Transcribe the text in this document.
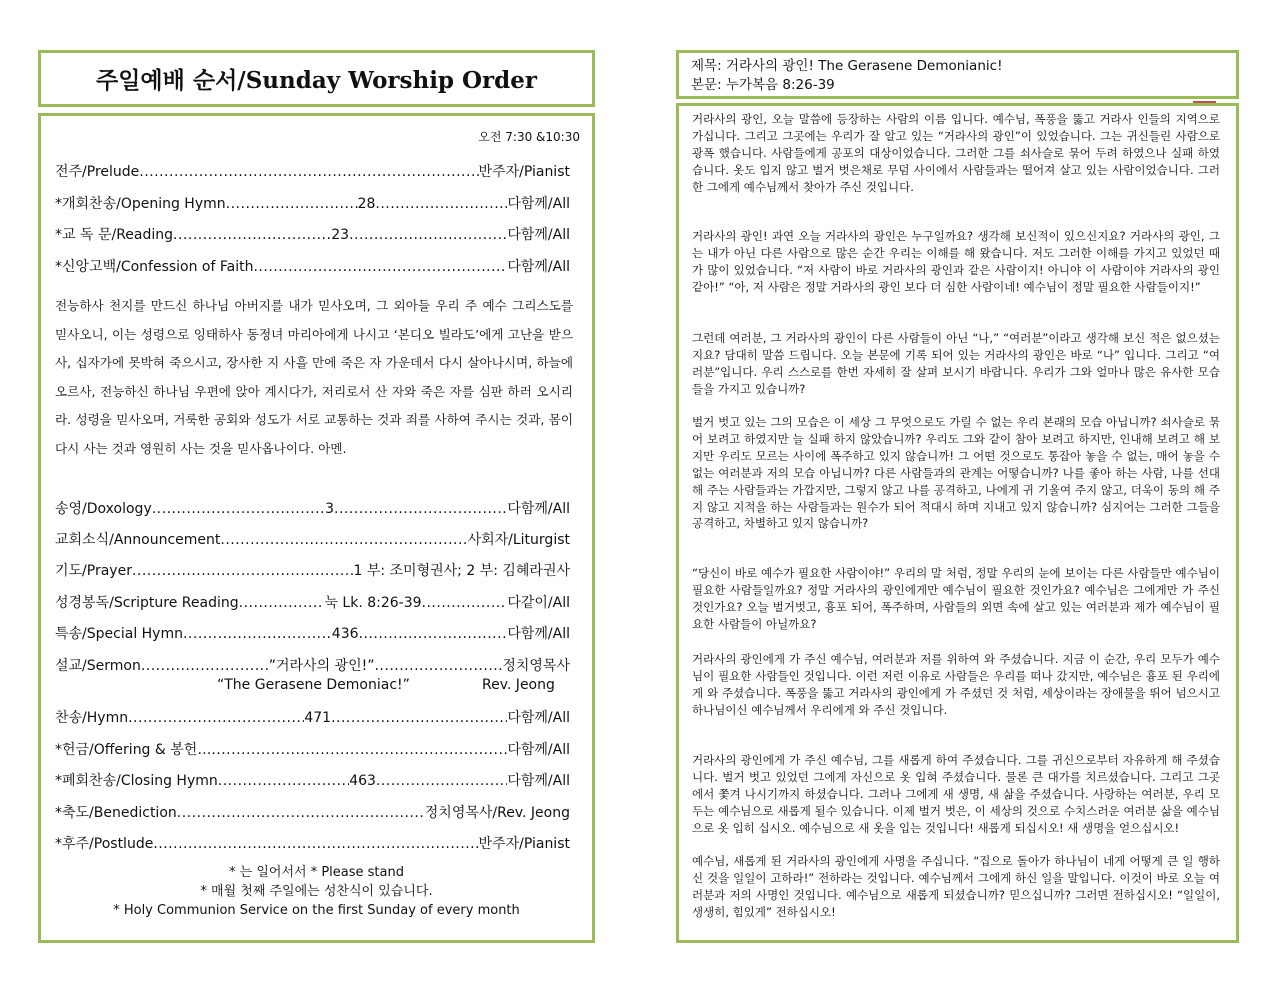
주일예배 순서/Sunday Worship Order
오전 7:30 &10:30
전주/Prelude .....	반주자/Pianist
*개회찬송/Opening Hymn .....	28 .....	다함께/All
*교 독 문/Reading .....	23 .....	다함께/All
*신앙고백/Confession of Faith .....	다함께/All
전능하사 천지를 만드신 하나님 아버지를 내가 믿사오며, 그 외아들 우리 주 예수 그리스도를 믿사오니, 이는 성령으로 잉태하사 동정녀 마리아에게 나시고 ‘본디오 빌라도’에게 고난을 받으사, 십자가에 못박혀 죽으시고, 장사한 지 사흘 만에 죽은 자 가운데서 다시 살아나시며, 하늘에 오르사, 전능하신 하나님 우편에 앉아 계시다가, 저리로서 산 자와 죽은 자를 심판 하러 오시리라. 성령을 믿사오며, 거룩한 공회와 성도가 서로 교통하는 것과 죄를 사하여 주시는 것과, 몸이 다시 사는 것과 영원히 사는 것을 믿사옵나이다. 아멘.
송영/Doxology .....	3 .....	다함께/All
교회소식/Announcement .....	사회자/Liturgist
기도/Prayer .....	1 부: 조미형권사; 2 부: 김혜라권사
성경봉독/Scripture Reading .....	눅 Lk. 8:26-39 .....	다같이/All
특송/Special Hymn .....	436 .....	다함께/All
설교/Sermon .....	”거라사의 광인!” .....	정치영목사
“The Gerasene Demoniac!”	Rev. Jeong
찬송/Hymn .....	471 .....	다함께/All
*헌금/Offering & 봉헌… .....	다함께/All
*폐회찬송/Closing Hymn .....	463 .....	다함께/All
*축도/Benediction .....	정치영목사/Rev. Jeong
*후주/Postlude .....	반주자/Pianist
* 는 일어서서 * Please stand
* 매월 첫째 주일에는 성찬식이 있습니다.
* Holy Communion Service on the first Sunday of every month
제목: 거라사의 광인! The Gerasene Demonianic!
본문: 누가복음 8:26-39
거라사의 광인, 오늘 말씀에 등장하는 사람의 이름 입니다. 예수님, 폭풍을 뚫고 거라사 인들의 지역으로 가십니다. 그리고 그곳에는 우리가 잘 알고 있는 “거라사의 광인”이 있었습니다. 그는 귀신들린 사람으로 광폭 했습니다. 사람들에게 공포의 대상이었습니다. 그러한 그를 쇠사슬로 묶어 두려 하였으나 실패 하였습니다. 옷도 입지 않고 벌거 벗은채로 무덤 사이에서 사람들과는 떨어져 살고 있는 사람이었습니다. 그러한 그에게 예수님께서 찾아가 주신 것입니다.
거라사의 광인! 과연 오늘 거라사의 광인은 누구일까요? 생각해 보신적이 있으신지요? 거라사의 광인, 그는 내가 아닌 다른 사람으로 많은 순간 우리는 이해를 해 왔습니다. 저도 그러한 이해를 가지고 있었던 때가 많이 있었습니다. “저 사람이 바로 거라사의 광인과 같은 사람이지! 아니야 이 사람이야 거라사의 광인같아!” “아, 저 사람은 정말 거라사의 광인 보다 더 심한 사람이네! 예수님이 정말 필요한 사람들이지!”
그런데 여러분, 그 거라사의 광인이 다른 사람들이 아닌 “나,” “여러분”이라고 생각해 보신 적은 없으셨는지요? 담대히 말씀 드립니다. 오늘 본문에 기록 되어 있는 거라사의 광인은 바로 “나” 입니다. 그리고 “여러분”입니다. 우리 스스로를 한번 자세히 잘 살펴 보시기 바랍니다. 우리가 그와 얼마나 많은 유사한 모습들을 가지고 있습니까?
벌거 벗고 있는 그의 모습은 이 세상 그 무엇으로도 가릴 수 없는 우리 본래의 모습 아닙니까? 쇠사슬로 묶어 보려고 하였지만 늘 실패 하지 않았습니까? 우리도 그와 같이 참아 보려고 하지만, 인내해 보려고 해 보지만 우리도 모르는 사이에 폭주하고 있지 않습니까! 그 어떤 것으로도 통잡아 놓을 수 없는, 매어 놓을 수 없는 여러분과 저의 모습 아닙니까? 다른 사람들과의 관계는 어떻습니까? 나를 좋아 하는 사람, 나를 선대 해 주는 사람들과는 가깝지만, 그렇지 않고 나를 공격하고, 나에게 귀 기울여 주지 않고, 더욱이 동의 해 주지 않고 지적을 하는 사람들과는 원수가 되어 적대시 하며 지내고 있지 않습니까? 심지어는 그러한 그들을 공격하고, 차별하고 있지 않습니까?
“당신이 바로 예수가 필요한 사람이야!” 우리의 말 처럼, 정말 우리의 눈에 보이는 다른 사람들만 예수님이 필요한 사람들일까요? 정말 거라사의 광인에게만 예수님이 필요한 것인가요? 예수님은 그에게만 가 주신 것인가요? 오늘 벌거벗고, 흉포 되어, 폭주하며, 사람들의 외면 속에 살고 있는 여러분과 제가 예수님이 필요한 사람들이 아닐까요?
거라사의 광인에게 가 주신 예수님, 여러분과 저를 위하여 와 주셨습니다. 지금 이 순간, 우리 모두가 예수님이 필요한 사람들인 것입니다. 이런 저런 이유로 사람들은 우리를 떠나 갔지만, 예수님은 흉포 된 우리에게 와 주셨습니다. 폭풍을 뚫고 거라사의 광인에게 가 주셨던 것 처럼, 세상이라는 장애물을 뛰어 넘으시고 하나님이신 예수님께서 우리에게 와 주신 것입니다.
거라사의 광인에게 가 주신 예수님, 그를 새롭게 하여 주셨습니다. 그를 귀신으로부터 자유하게 해 주셨습니다. 벌거 벗고 있었던 그에게 자신으로 옷 입혀 주셨습니다. 물론 큰 대가를 치르셨습니다. 그리고 그곳에서 쫓겨 나시기까지 하셨습니다. 그러나 그에게 새 생명, 새 삶을 주셨습니다. 사랑하는 여러분, 우리 모두는 예수님으로 새롭게 될수 있습니다. 이제 벌거 벗은, 이 세상의 것으로 수치스러운 여러분 삶을 예수님으로 옷 입히 십시오. 예수님으로 새 옷을 입는 것입니다! 새롭게 되십시오! 새 생명을 얻으십시오!
예수님, 새롭게 된 거라사의 광인에게 사명을 주십니다. “집으로 돌아가 하나님이 네게 어떻게 큰 일 행하신 것을 일일이 고하라!” 전하라는 것입니다. 예수님께서 그에게 하신 일을 말입니다. 이것이 바로 오늘 여러분과 저의 사명인 것입니다. 예수님으로 새롭게 되셨습니까? 믿으십니까? 그러면 전하십시오! “일일이, 생생히, 힘있게” 전하십시오!
